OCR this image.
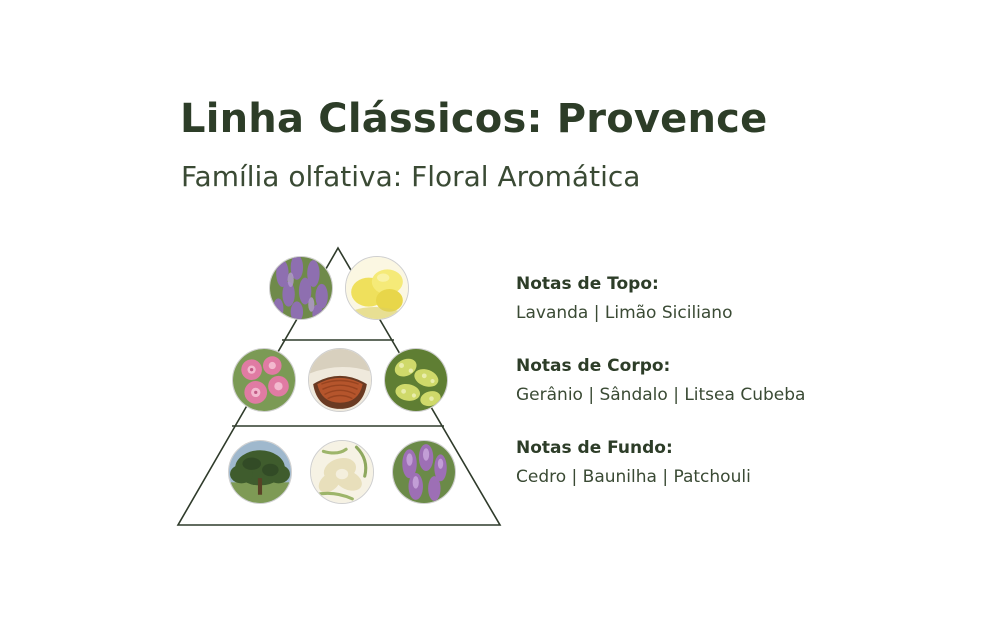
Linha Clássicos: Provence
Família olfativa: Floral Aromática
Notas de Topo:
Lavanda | Limão Siciliano
Notas de Corpo:
Gerânio | Sândalo | Litsea Cubeba
Notas de Fundo:
Cedro | Baunilha | Patchouli
